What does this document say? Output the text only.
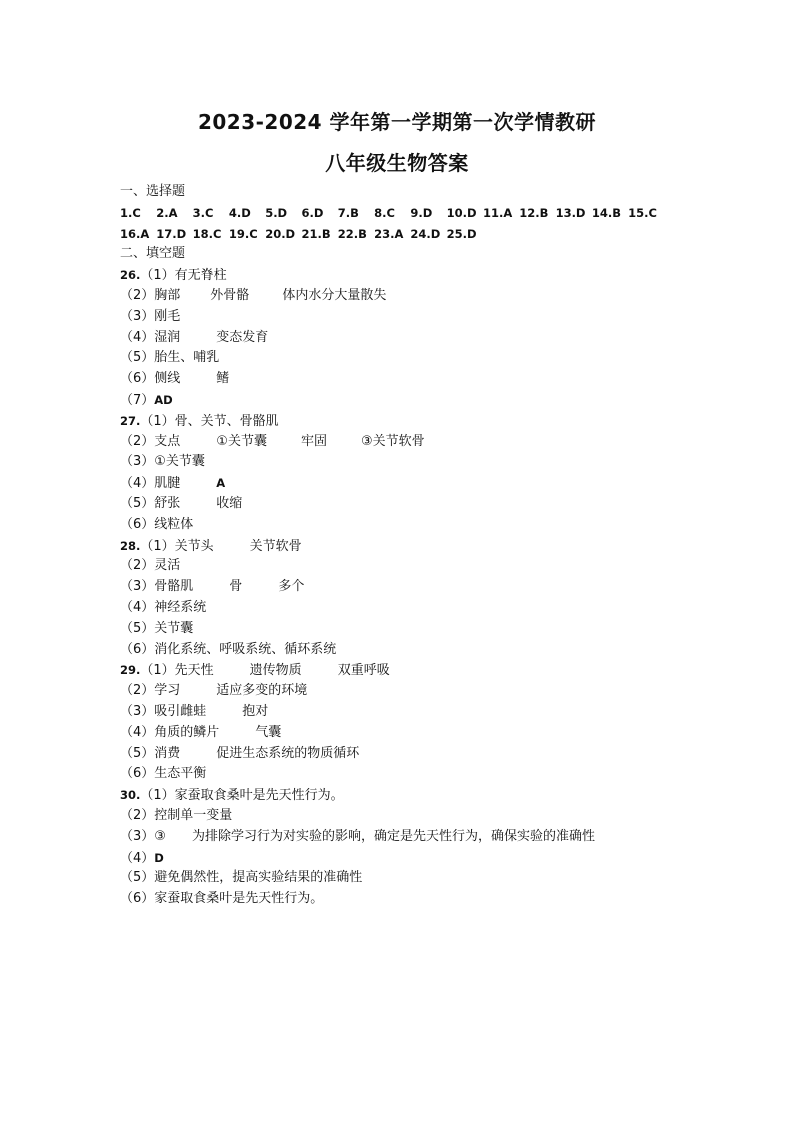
2023-2024 学年第一学期第一次学情教研
八年级生物答案
一、选择题
1.C 2.A 3.C 4.D 5.D 6.D 7.B 8.C 9.D 10.D 11.A 12.B 13.D 14.B 15.C
16.A 17.D 18.C 19.C 20.D 21.B 22.B 23.A 24.D 25.D
二、填空题
26.（1）有无脊柱
（2）胸部 外骨骼	体内水分大量散失
（3）刚毛
（4）湿润	变态发育
（5）胎生、哺乳
（6）侧线	鳍
（7）AD
27.（1）骨、关节、骨骼肌
（2）支点	①关节囊	牢固	③关节软骨
（3）①关节囊
（4）肌腱	A
（5）舒张	收缩
（6）线粒体
28.（1）关节头	关节软骨
（2）灵活
（3）骨骼肌	骨	多个
（4）神经系统
（5）关节囊
（6）消化系统、呼吸系统、循环系统
29.（1）先天性	遗传物质	双重呼吸
（2）学习	适应多变的环境
（3）吸引雌蛙	抱对
（4）角质的鳞片	气囊
（5）消费	促进生态系统的物质循环
（6）生态平衡
30.（1）家蚕取食桑叶是先天性行为。
（2）控制单一变量
（3）③ 为排除学习行为对实验的影响，确定是先天性行为，确保实验的准确性
（4）D
（5）避免偶然性，提高实验结果的准确性
（6）家蚕取食桑叶是先天性行为。
